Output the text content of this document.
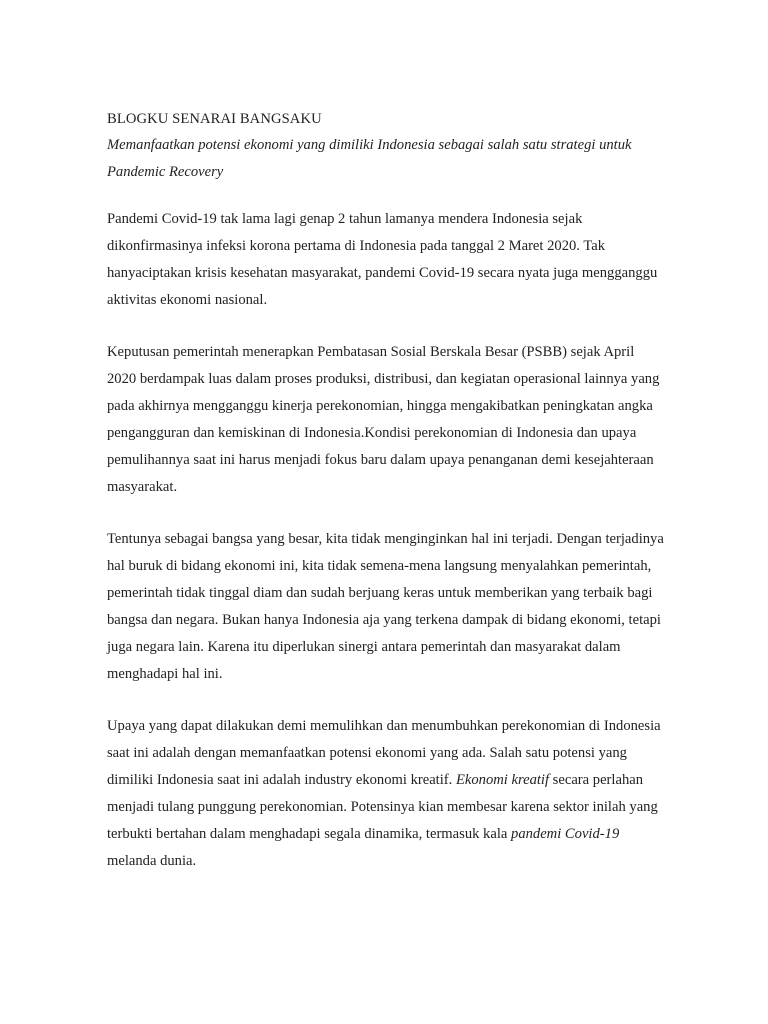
BLOGKU SENARAI BANGSAKU

Memanfaatkan potensi ekonomi yang dimiliki Indonesia sebagai salah satu strategi untuk Pandemic Recovery

Pandemi Covid-19 tak lama lagi genap 2 tahun lamanya mendera Indonesia sejak dikonfirmasinya infeksi korona pertama di Indonesia pada tanggal 2 Maret 2020. Tak hanyaciptakan krisis kesehatan masyarakat, pandemi Covid-19 secara nyata juga mengganggu aktivitas ekonomi nasional.

Keputusan pemerintah menerapkan Pembatasan Sosial Berskala Besar (PSBB) sejak April 2020 berdampak luas dalam proses produksi, distribusi, dan kegiatan operasional lainnya yang pada akhirnya mengganggu kinerja perekonomian, hingga mengakibatkan peningkatan angka pengangguran dan kemiskinan di Indonesia.Kondisi perekonomian di Indonesia dan upaya pemulihannya saat ini harus menjadi fokus baru dalam upaya penanganan demi kesejahteraan masyarakat.

Tentunya sebagai bangsa yang besar, kita tidak menginginkan hal ini terjadi. Dengan terjadinya hal buruk di bidang ekonomi ini, kita tidak semena-mena langsung menyalahkan pemerintah, pemerintah tidak tinggal diam dan sudah berjuang keras untuk memberikan yang terbaik bagi bangsa dan negara. Bukan hanya Indonesia aja yang terkena dampak di bidang ekonomi, tetapi juga negara lain. Karena itu diperlukan sinergi antara pemerintah dan masyarakat dalam menghadapi hal ini.

Upaya yang dapat dilakukan demi memulihkan dan menumbuhkan perekonomian di Indonesia saat ini adalah dengan memanfaatkan potensi ekonomi yang ada. Salah satu potensi yang dimiliki Indonesia saat ini adalah industry ekonomi kreatif. Ekonomi kreatif secara perlahan menjadi tulang punggung perekonomian. Potensinya kian membesar karena sektor inilah yang terbukti bertahan dalam menghadapi segala dinamika, termasuk kala pandemi Covid-19 melanda dunia.
